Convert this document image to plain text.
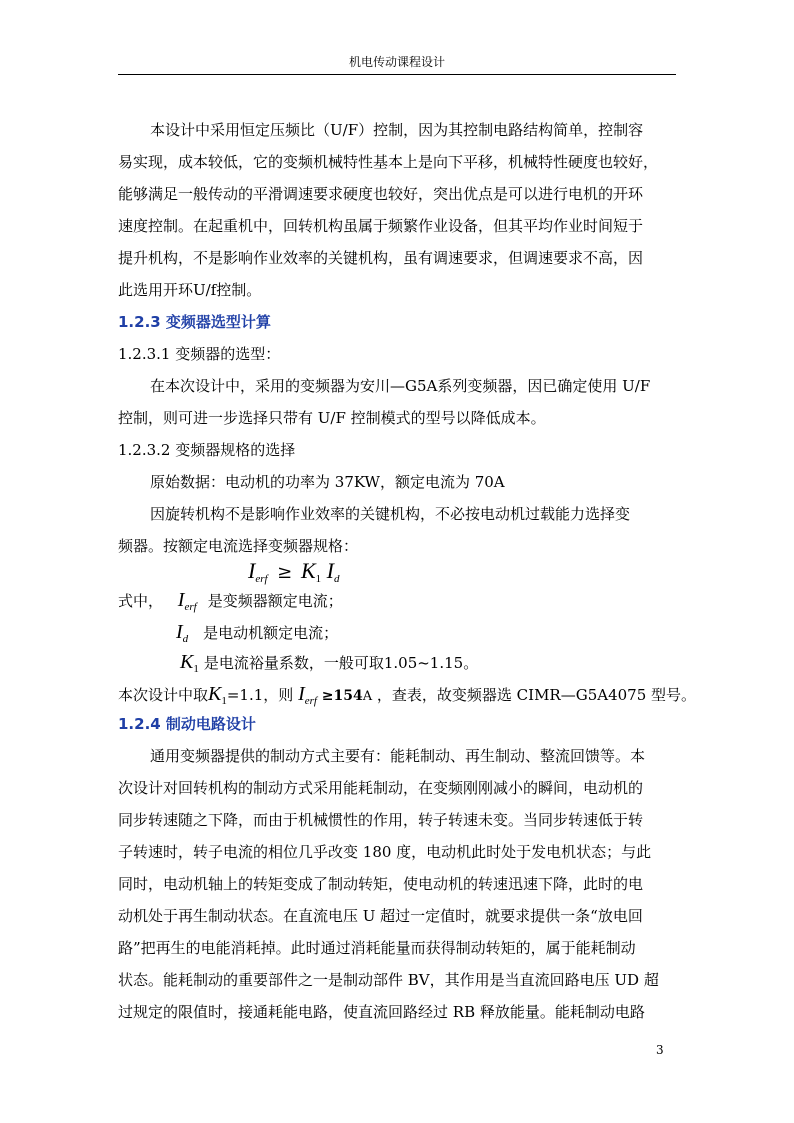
机电传动课程设计
本设计中采用恒定压频比（U/F）控制，因为其控制电路结构简单，控制容
易实现，成本较低，它的变频机械特性基本上是向下平移，机械特性硬度也较好，
能够满足一般传动的平滑调速要求硬度也较好，突出优点是可以进行电机的开环
速度控制。在起重机中，回转机构虽属于频繁作业设备，但其平均作业时间短于
提升机构，不是影响作业效率的关键机构，虽有调速要求，但调速要求不高，因
此选用开环U/f控制。
1.2.3 变频器选型计算
1.2.3.1 变频器的选型：
在本次设计中，采用的变频器为安川—G5A系列变频器，因已确定使用 U/F
控制，则可进一步选择只带有 U/F 控制模式的型号以降低成本。
1.2.3.2 变频器规格的选择
原始数据：电动机的功率为 37KW，额定电流为 70A
因旋转机构不是影响作业效率的关键机构，不必按电动机过载能力选择变
频器。按额定电流选择变频器规格：
$I_{erf} \ge K_1$ $I_d$
式中， $I_{erf}$ 是变频器额定电流；
$I_d$ 是电动机额定电流；
$K_1$ 是电流裕量系数，一般可取1.05~1.15。
本次设计中取$K_1=1.1$，则 $I_{erf} \ge 154A$ ，查表，故变频器选 CIMR—G5A4075 型号。
1.2.4 制动电路设计
通用变频器提供的制动方式主要有：能耗制动、再生制动、整流回馈等。本
次设计对回转机构的制动方式采用能耗制动，在变频刚刚减小的瞬间，电动机的
同步转速随之下降，而由于机械惯性的作用，转子转速未变。当同步转速低于转
子转速时，转子电流的相位几乎改变 180 度，电动机此时处于发电机状态；与此
同时，电动机轴上的转矩变成了制动转矩，使电动机的转速迅速下降，此时的电
动机处于再生制动状态。在直流电压 U 超过一定值时，就要求提供一条“放电回
路”把再生的电能消耗掉。此时通过消耗能量而获得制动转矩的，属于能耗制动
状态。能耗制动的重要部件之一是制动部件 BV，其作用是当直流回路电压 UD 超
过规定的限值时，接通耗能电路，使直流回路经过 RB 释放能量。能耗制动电路
3
